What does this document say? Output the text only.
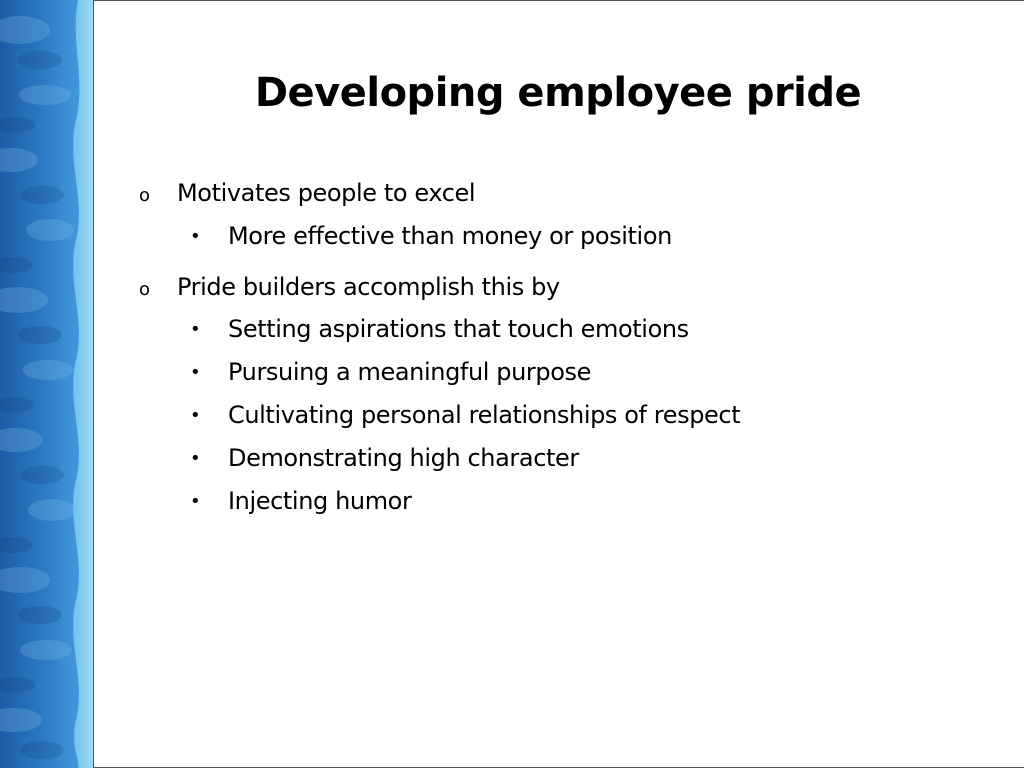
Developing employee pride
o Motivates people to excel
• More effective than money or position
o Pride builders accomplish this by
• Setting aspirations that touch emotions
• Pursuing a meaningful purpose
• Cultivating personal relationships of respect
• Demonstrating high character
• Injecting humor
